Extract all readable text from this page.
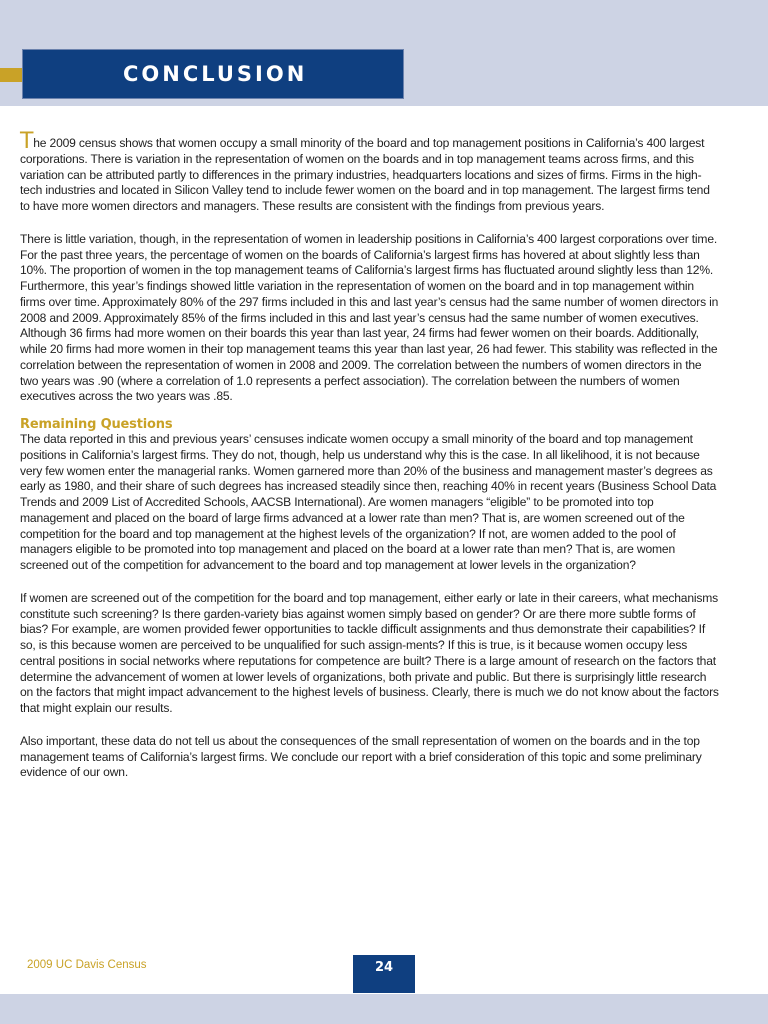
CONCLUSION

The 2009 census shows that women occupy a small minority of the board and top management positions in California’s 400 largest corporations. There is variation in the representation of women on the boards and in top management teams across firms, and this variation can be attributed partly to differences in the primary industries, headquarters locations and sizes of firms. Firms in the high-tech industries and located in Silicon Valley tend to include fewer women on the board and in top management. The largest firms tend to have more women directors and managers. These results are consistent with the findings from previous years.

There is little variation, though, in the representation of women in leadership positions in California’s 400 largest corporations over time. For the past three years, the percentage of women on the boards of California’s largest firms has hovered at about slightly less than 10%. The proportion of women in the top management teams of California’s largest firms has fluctuated around slightly less than 12%. Furthermore, this year’s findings showed little variation in the representation of women on the board and in top management within firms over time. Approximately 80% of the 297 firms included in this and last year’s census had the same number of women directors in 2008 and 2009. Approximately 85% of the firms included in this and last year’s census had the same number of women executives. Although 36 firms had more women on their boards this year than last year, 24 firms had fewer women on their boards. Additionally, while 20 firms had more women in their top management teams this year than last year, 26 had fewer. This stability was reflected in the correlation between the representation of women in 2008 and 2009. The correlation between the numbers of women directors in the two years was .90 (where a correlation of 1.0 represents a perfect association). The correlation between the numbers of women executives across the two years was .85.

Remaining Questions

The data reported in this and previous years’ censuses indicate women occupy a small minority of the board and top management positions in California’s largest firms. They do not, though, help us understand why this is the case. In all likelihood, it is not because very few women enter the managerial ranks. Women garnered more than 20% of the business and management master’s degrees as early as 1980, and their share of such degrees has increased steadily since then, reaching 40% in recent years (Business School Data Trends and 2009 List of Accredited Schools, AACSB International). Are women managers “eligible” to be promoted into top management and placed on the board of large firms advanced at a lower rate than men? That is, are women screened out of the competition for the board and top management at the highest levels of the organization? If not, are women added to the pool of managers eligible to be promoted into top management and placed on the board at a lower rate than men? That is, are women screened out of the competition for advancement to the board and top management at lower levels in the organization?

If women are screened out of the competition for the board and top management, either early or late in their careers, what mechanisms constitute such screening? Is there garden-variety bias against women simply based on gender? Or are there more subtle forms of bias? For example, are women provided fewer opportunities to tackle difficult assignments and thus demonstrate their capabilities? If so, is this because women are perceived to be unqualified for such assign-ments? If this is true, is it because women occupy less central positions in social networks where reputations for competence are built? There is a large amount of research on the factors that determine the advancement of women at lower levels of organizations, both private and public. But there is surprisingly little research on the factors that might impact advancement to the highest levels of business. Clearly, there is much we do not know about the factors that might explain our results.

Also important, these data do not tell us about the consequences of the small representation of women on the boards and in the top management teams of California’s largest firms. We conclude our report with a brief consideration of this topic and some preliminary evidence of our own.

2009 UC Davis Census	24
